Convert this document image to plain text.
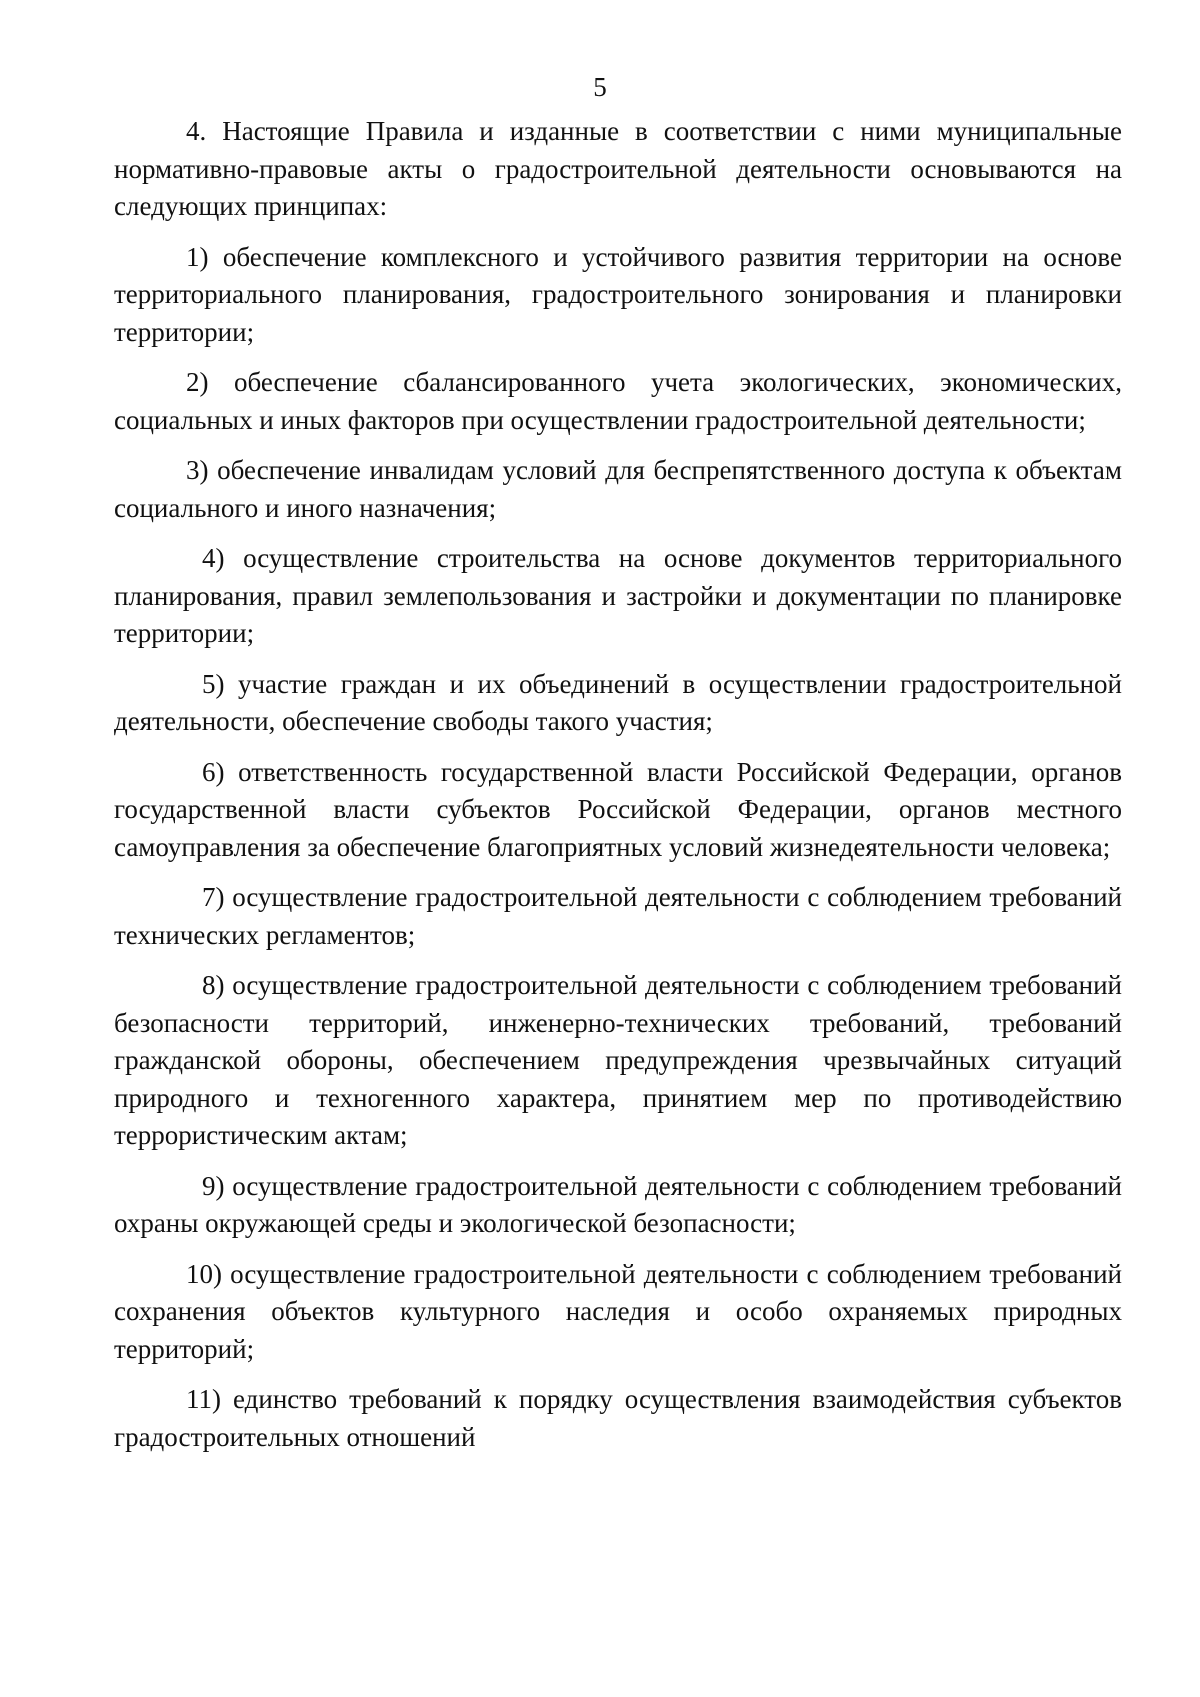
5

4. Настоящие Правила и изданные в соответствии с ними муниципальные нормативно-правовые акты о градостроительной деятельности основываются на следующих принципах:

1) обеспечение комплексного и устойчивого развития территории на основе территориального планирования, градостроительного зонирования и планировки территории;

2) обеспечение сбалансированного учета экологических, экономических, социальных и иных факторов при осуществлении градостроительной деятельности;

3) обеспечение инвалидам условий для беспрепятственного доступа к объектам социального и иного назначения;

4) осуществление строительства на основе документов территориального планирования, правил землепользования и застройки и документации по планировке территории;

5) участие граждан и их объединений в осуществлении градостроительной деятельности, обеспечение свободы такого участия;

6) ответственность государственной власти Российской Федерации, органов государственной власти субъектов Российской Федерации, органов местного самоуправления за обеспечение благоприятных условий жизнедеятельности человека;

7) осуществление градостроительной деятельности с соблюдением требований технических регламентов;

8) осуществление градостроительной деятельности с соблюдением требований безопасности территорий, инженерно-технических требований, требований гражданской обороны, обеспечением предупреждения чрезвычайных ситуаций природного и техногенного характера, принятием мер по противодействию террористическим актам;

9) осуществление градостроительной деятельности с соблюдением требований охраны окружающей среды и экологической безопасности;

10) осуществление градостроительной деятельности с соблюдением требований сохранения объектов культурного наследия и особо охраняемых природных территорий;

11) единство требований к порядку осуществления взаимодействия субъектов градостроительных отношений
